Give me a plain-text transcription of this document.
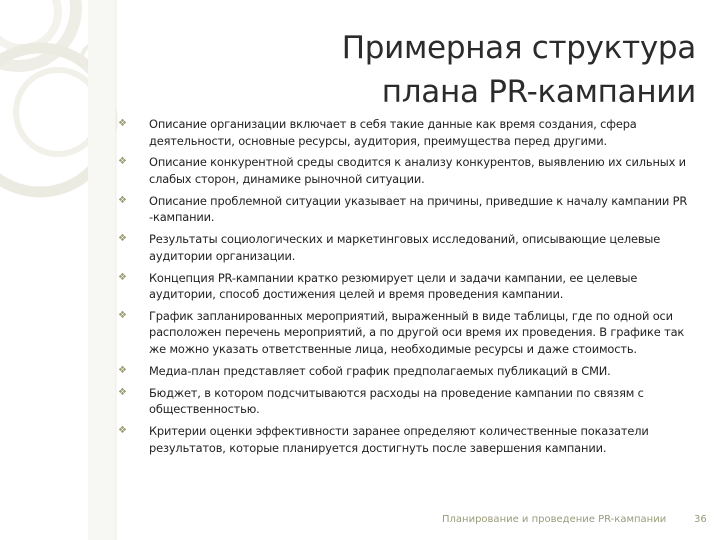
Примерная структура
плана PR-кампании
❖ Описание организации включает в себя такие данные как время создания, сфера деятельности, основные ресурсы, аудитория, преимущества перед другими.
❖ Описание конкурентной среды сводится к анализу конкурентов, выявлению их сильных и слабых сторон, динамике рыночной ситуации.
❖ Описание проблемной ситуации указывает на причины, приведшие к началу кампании PR -кампании.
❖ Результаты социологических и маркетинговых исследований, описывающие целевые аудитории организации.
❖ Концепция PR-кампании кратко резюмирует цели и задачи кампании, ее целевые аудитории, способ достижения целей и время проведения кампании.
❖ График запланированных мероприятий, выраженный в виде таблицы, где по одной оси расположен перечень мероприятий, а по другой оси время их проведения. В графике так же можно указать ответственные лица, необходимые ресурсы и даже стоимость.
❖ Медиа-план представляет собой график предполагаемых публикаций в СМИ.
❖ Бюджет, в котором подсчитываются расходы на проведение кампании по связям с общественностью.
❖ Критерии оценки эффективности заранее определяют количественные показатели результатов, которые планируется достигнуть после завершения кампании.
Планирование и проведение PR-кампании	36
